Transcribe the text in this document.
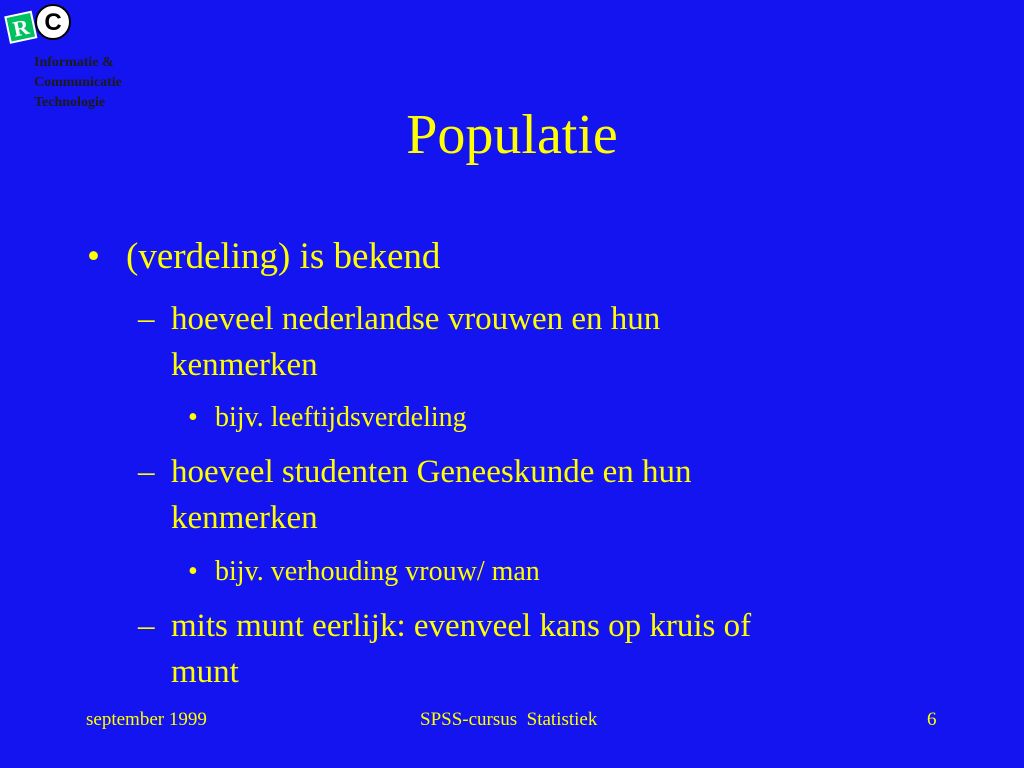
R C
Informatie &
Communicatie
Technologie
Populatie
• (verdeling) is bekend
– hoeveel nederlandse vrouwen en hun
kenmerken
• bijv. leeftijdsverdeling
– hoeveel studenten Geneeskunde en hun
kenmerken
• bijv. verhouding vrouw/ man
– mits munt eerlijk: evenveel kans op kruis of
munt
september 1999	SPSS-cursus  Statistiek	6
